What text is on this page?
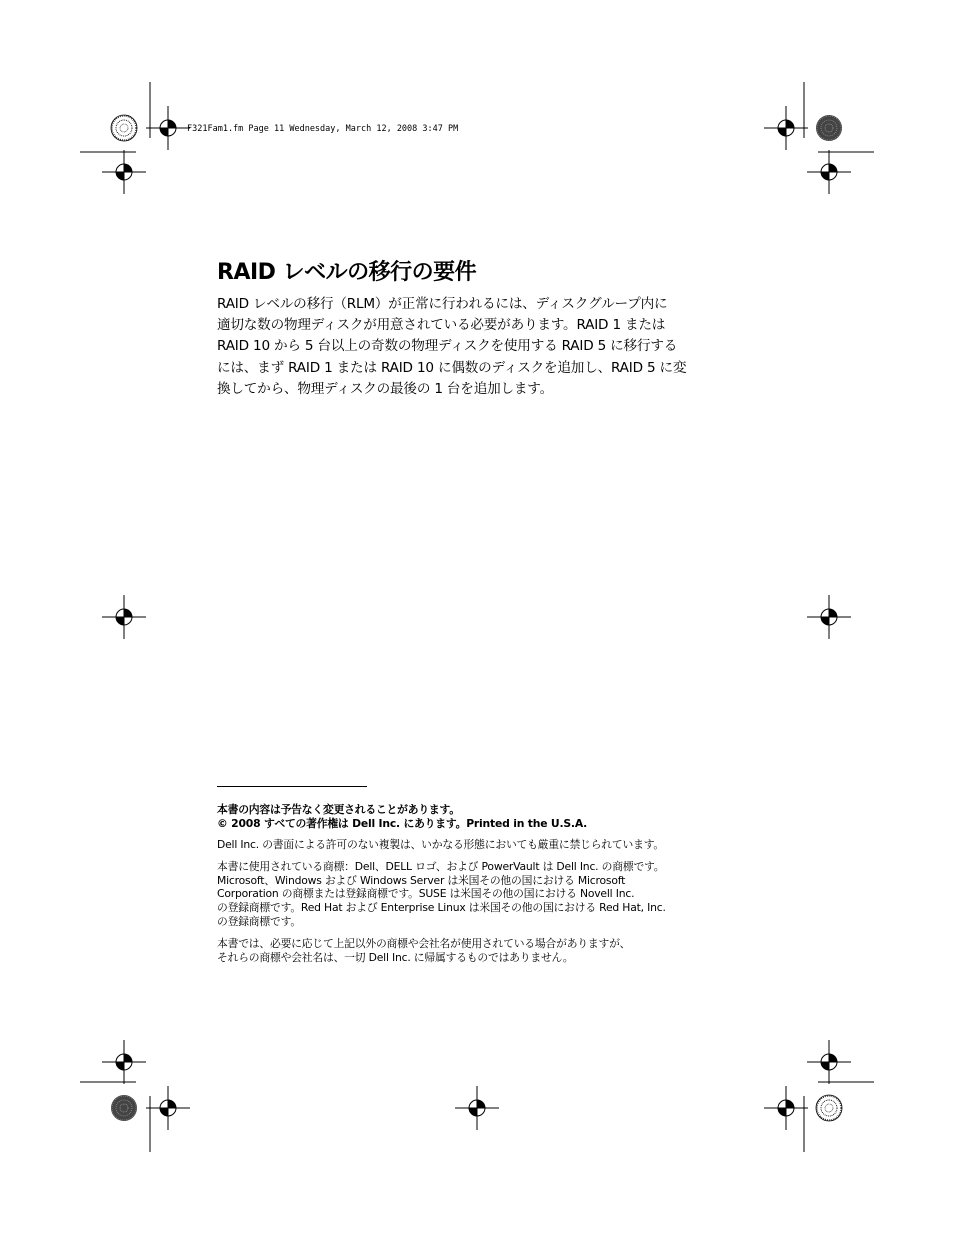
F321Fam1.fm Page 11 Wednesday, March 12, 2008 3:47 PM
RAID レベルの移行の要件

RAID レベルの移行（RLM）が正常に行われるには、ディスクグループ内に
適切な数の物理ディスクが用意されている必要があります。RAID 1 または
RAID 10 から 5 台以上の奇数の物理ディスクを使用する RAID 5 に移行する
には、まず RAID 1 または RAID 10 に偶数のディスクを追加し、RAID 5 に変
換してから、物理ディスクの最後の 1 台を追加します。

本書の内容は予告なく変更されることがあります。
© 2008 すべての著作権は Dell Inc. にあります。Printed in the U.S.A.
Dell Inc. の書面による許可のない複製は、いかなる形態においても厳重に禁じられています。
本書に使用されている商標：Dell、DELL ロゴ、および PowerVault は Dell Inc. の商標です。
Microsoft、Windows および Windows Server は米国その他の国における Microsoft
Corporation の商標または登録商標です。SUSE は米国その他の国における Novell Inc.
の登録商標です。Red Hat および Enterprise Linux は米国その他の国における Red Hat, Inc.
の登録商標です。
本書では、必要に応じて上記以外の商標や会社名が使用されている場合がありますが、
それらの商標や会社名は、一切 Dell Inc. に帰属するものではありません。
